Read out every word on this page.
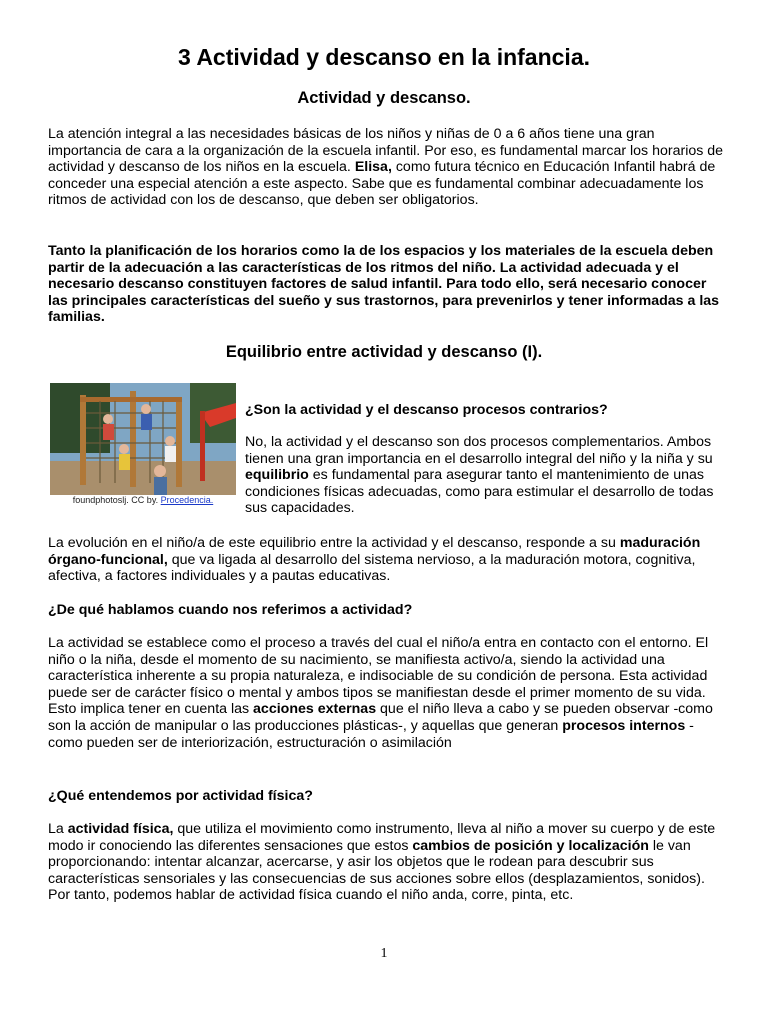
3 Actividad y descanso en la infancia.
Actividad y descanso.

La atención integral a las necesidades básicas de los niños y niñas de 0 a 6 años tiene una gran importancia de cara a la organización de la escuela infantil. Por eso, es fundamental marcar los horarios de actividad y descanso de los niños en la escuela. Elisa, como futura técnico en Educación Infantil habrá de conceder una especial atención a este aspecto. Sabe que es fundamental combinar adecuadamente los ritmos de actividad con los de descanso, que deben ser obligatorios.

Tanto la planificación de los horarios como la de los espacios y los materiales de la escuela deben partir de la adecuación a las características de los ritmos del niño. La actividad adecuada y el necesario descanso constituyen factores de salud infantil. Para todo ello, será necesario conocer las principales características del sueño y sus trastornos, para prevenirlos y tener informadas a las familias.

Equilibrio entre actividad y descanso (I).
foundphotoslj. CC by. Procedencia.

¿Son la actividad y el descanso procesos contrarios?

No, la actividad y el descanso son dos procesos complementarios. Ambos tienen una gran importancia en el desarrollo integral del niño y la niña y su equilibrio es fundamental para asegurar tanto el mantenimiento de unas condiciones físicas adecuadas, como para estimular el desarrollo de todas sus capacidades.

La evolución en el niño/a de este equilibrio entre la actividad y el descanso, responde a su maduración órgano-funcional, que va ligada al desarrollo del sistema nervioso, a la maduración motora, cognitiva, afectiva, a factores individuales y a pautas educativas.

¿De qué hablamos cuando nos referimos a actividad?

La actividad se establece como el proceso a través del cual el niño/a entra en contacto con el entorno. El niño o la niña, desde el momento de su nacimiento, se manifiesta activo/a, siendo la actividad una característica inherente a su propia naturaleza, e indisociable de su condición de persona. Esta actividad puede ser de carácter físico o mental y ambos tipos se manifiestan desde el primer momento de su vida. Esto implica tener en cuenta las acciones externas que el niño lleva a cabo y se pueden observar -como son la acción de manipular o las producciones plásticas-, y aquellas que generan procesos internos -como pueden ser de interiorización, estructuración o asimilación

¿Qué entendemos por actividad física?

La actividad física, que utiliza el movimiento como instrumento, lleva al niño a mover su cuerpo y de este modo ir conociendo las diferentes sensaciones que estos cambios de posición y localización le van proporcionando: intentar alcanzar, acercarse, y asir los objetos que le rodean para descubrir sus características sensoriales y las consecuencias de sus acciones sobre ellos (desplazamientos, sonidos). Por tanto, podemos hablar de actividad física cuando el niño anda, corre, pinta, etc.

1
